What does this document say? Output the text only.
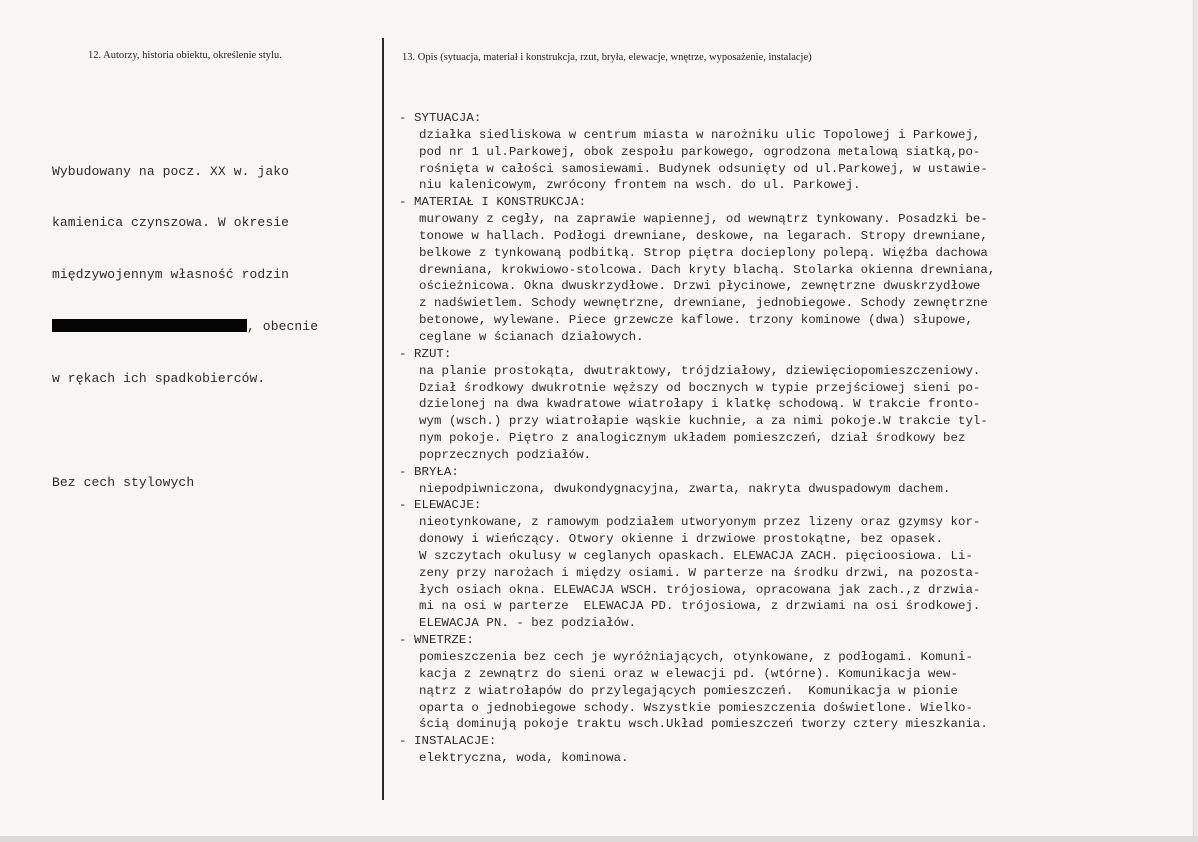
12. Autorzy, historia obiektu, określenie stylu.	13. Opis (sytuacja, materiał i konstrukcja, rzut, bryła, elewacje, wnętrze, wyposażenie, instalacje)

Wybudowany na pocz. XX w. jako

kamienica czynszowa. W okresie

międzywojennym własność rodzin

, obecnie

w rękach ich spadkobierców.

Bez cech stylowych

- SYTUACJA:
działka siedliskowa w centrum miasta w narożniku ulic Topolowej i Parkowej,
pod nr 1 ul.Parkowej, obok zespołu parkowego, ogrodzona metalową siatką,po-
rośnięta w całości samosiewami. Budynek odsunięty od ul.Parkowej, w ustawie-
niu kalenicowym, zwrócony frontem na wsch. do ul. Parkowej.
- MATERIAŁ I KONSTRUKCJA:
murowany z cegły, na zaprawie wapiennej, od wewnątrz tynkowany. Posadzki be-
tonowe w hallach. Podłogi drewniane, deskowe, na legarach. Stropy drewniane,
belkowe z tynkowaną podbitką. Strop piętra docieplony polepą. Więźba dachowa
drewniana, krokwiowo-stolcowa. Dach kryty blachą. Stolarka okienna drewniana,
ościeżnicowa. Okna dwuskrzydłowe. Drzwi płycinowe, zewnętrzne dwuskrzydłowe
z nadświetlem. Schody wewnętrzne, drewniane, jednobiegowe. Schody zewnętrzne
betonowe, wylewane. Piece grzewcze kaflowe. trzony kominowe (dwa) słupowe,
ceglane w ścianach działowych.
- RZUT:
na planie prostokąta, dwutraktowy, trójdziałowy, dziewięciopomieszczeniowy.
Dział środkowy dwukrotnie węższy od bocznych w typie przejściowej sieni po-
dzielonej na dwa kwadratowe wiatrołapy i klatkę schodową. W trakcie fronto-
wym (wsch.) przy wiatrołapie wąskie kuchnie, a za nimi pokoje.W trakcie tyl-
nym pokoje. Piętro z analogicznym układem pomieszczeń, dział środkowy bez
poprzecznych podziałów.
- BRYŁA:
niepodpiwniczona, dwukondygnacyjna, zwarta, nakryta dwuspadowym dachem.
- ELEWACJE:
nieotynkowane, z ramowym podziałem utworyonym przez lizeny oraz gzymsy kor-
donowy i wieńczący. Otwory okienne i drzwiowe prostokątne, bez opasek.
W szczytach okulusy w ceglanych opaskach. ELEWACJA ZACH. pięcioosiowa. Li-
zeny przy narożach i między osiami. W parterze na środku drzwi, na pozosta-
łych osiach okna. ELEWACJA WSCH. trójosiowa, opracowana jak zach.,z drzwia-
mi na osi w parterze  ELEWACJA PD. trójosiowa, z drzwiami na osi środkowej.
ELEWACJA PN. - bez podziałów.
- WNETRZE:
pomieszczenia bez cech je wyróżniających, otynkowane, z podłogami. Komuni-
kacja z zewnątrz do sieni oraz w elewacji pd. (wtórne). Komunikacja wew-
nątrz z wiatrołapów do przylegających pomieszczeń.  Komunikacja w pionie
oparta o jednobiegowe schody. Wszystkie pomieszczenia doświetlone. Wielko-
ścią dominują pokoje traktu wsch.Układ pomieszczeń tworzy cztery mieszkania.
- INSTALACJE:
elektryczna, woda, kominowa.
